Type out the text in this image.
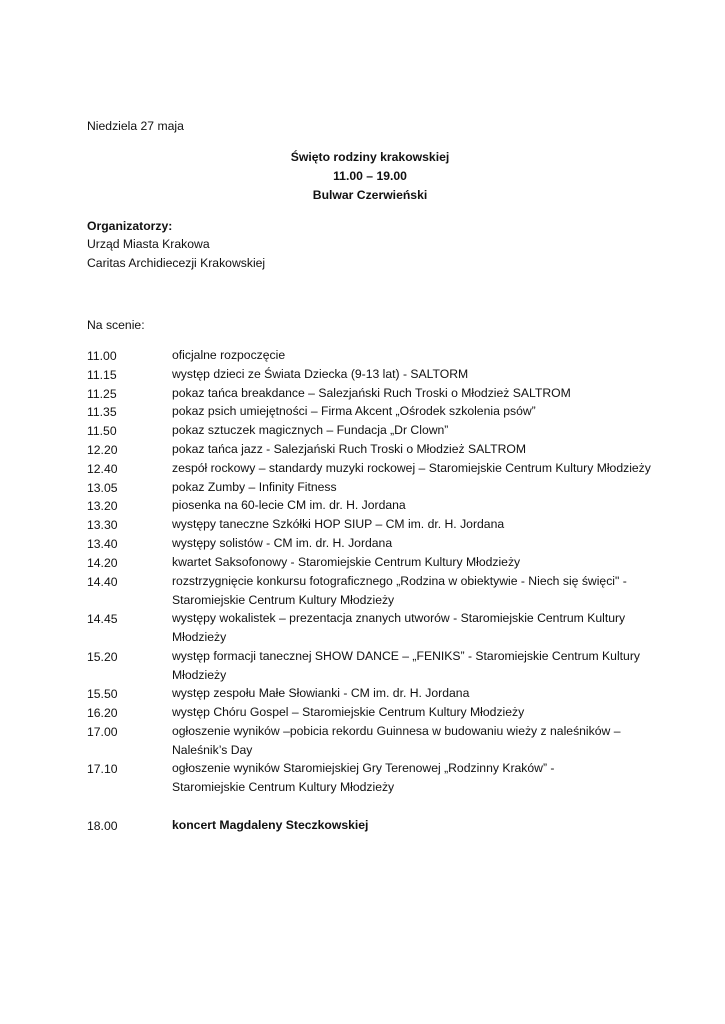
Niedziela 27 maja
Święto rodziny krakowskiej
11.00 – 19.00
Bulwar Czerwieński
Organizatorzy:
Urząd Miasta Krakowa
Caritas Archidiecezji Krakowskiej
Na scenie:
11.00	oficjalne rozpoczęcie
11.15	występ dzieci ze Świata Dziecka (9-13 lat) - SALTORM
11.25	pokaz tańca breakdance – Salezjański Ruch Troski o Młodzież SALTROM
11.35	pokaz psich umiejętności – Firma Akcent „Ośrodek szkolenia psów”
11.50	pokaz sztuczek magicznych – Fundacja „Dr Clown”
12.20	pokaz tańca jazz - Salezjański Ruch Troski o Młodzież SALTROM
12.40	zespół rockowy – standardy muzyki rockowej – Staromiejskie Centrum Kultury Młodzieży
13.05	pokaz Zumby – Infinity Fitness
13.20	piosenka na 60-lecie CM im. dr. H. Jordana
13.30	występy taneczne Szkółki HOP SIUP – CM im. dr. H. Jordana
13.40	występy solistów - CM im. dr. H. Jordana
14.20	kwartet Saksofonowy - Staromiejskie Centrum Kultury Młodzieży
14.40	rozstrzygnięcie konkursu fotograficznego „Rodzina w obiektywie - Niech się święci" - Staromiejskie Centrum Kultury Młodzieży
14.45	występy wokalistek – prezentacja znanych utworów - Staromiejskie Centrum Kultury Młodzieży
15.20	występ formacji tanecznej SHOW DANCE – „FENIKS” - Staromiejskie Centrum Kultury Młodzieży
15.50	występ zespołu Małe Słowianki - CM im. dr. H. Jordana
16.20	występ Chóru Gospel – Staromiejskie Centrum Kultury Młodzieży
17.00	ogłoszenie wyników –pobicia rekordu Guinnesa w budowaniu wieży z naleśników – Naleśnik’s Day
17.10	ogłoszenie wyników Staromiejskiej Gry Terenowej „Rodzinny Kraków” - Staromiejskie Centrum Kultury Młodzieży
18.00	koncert Magdaleny Steczkowskiej
